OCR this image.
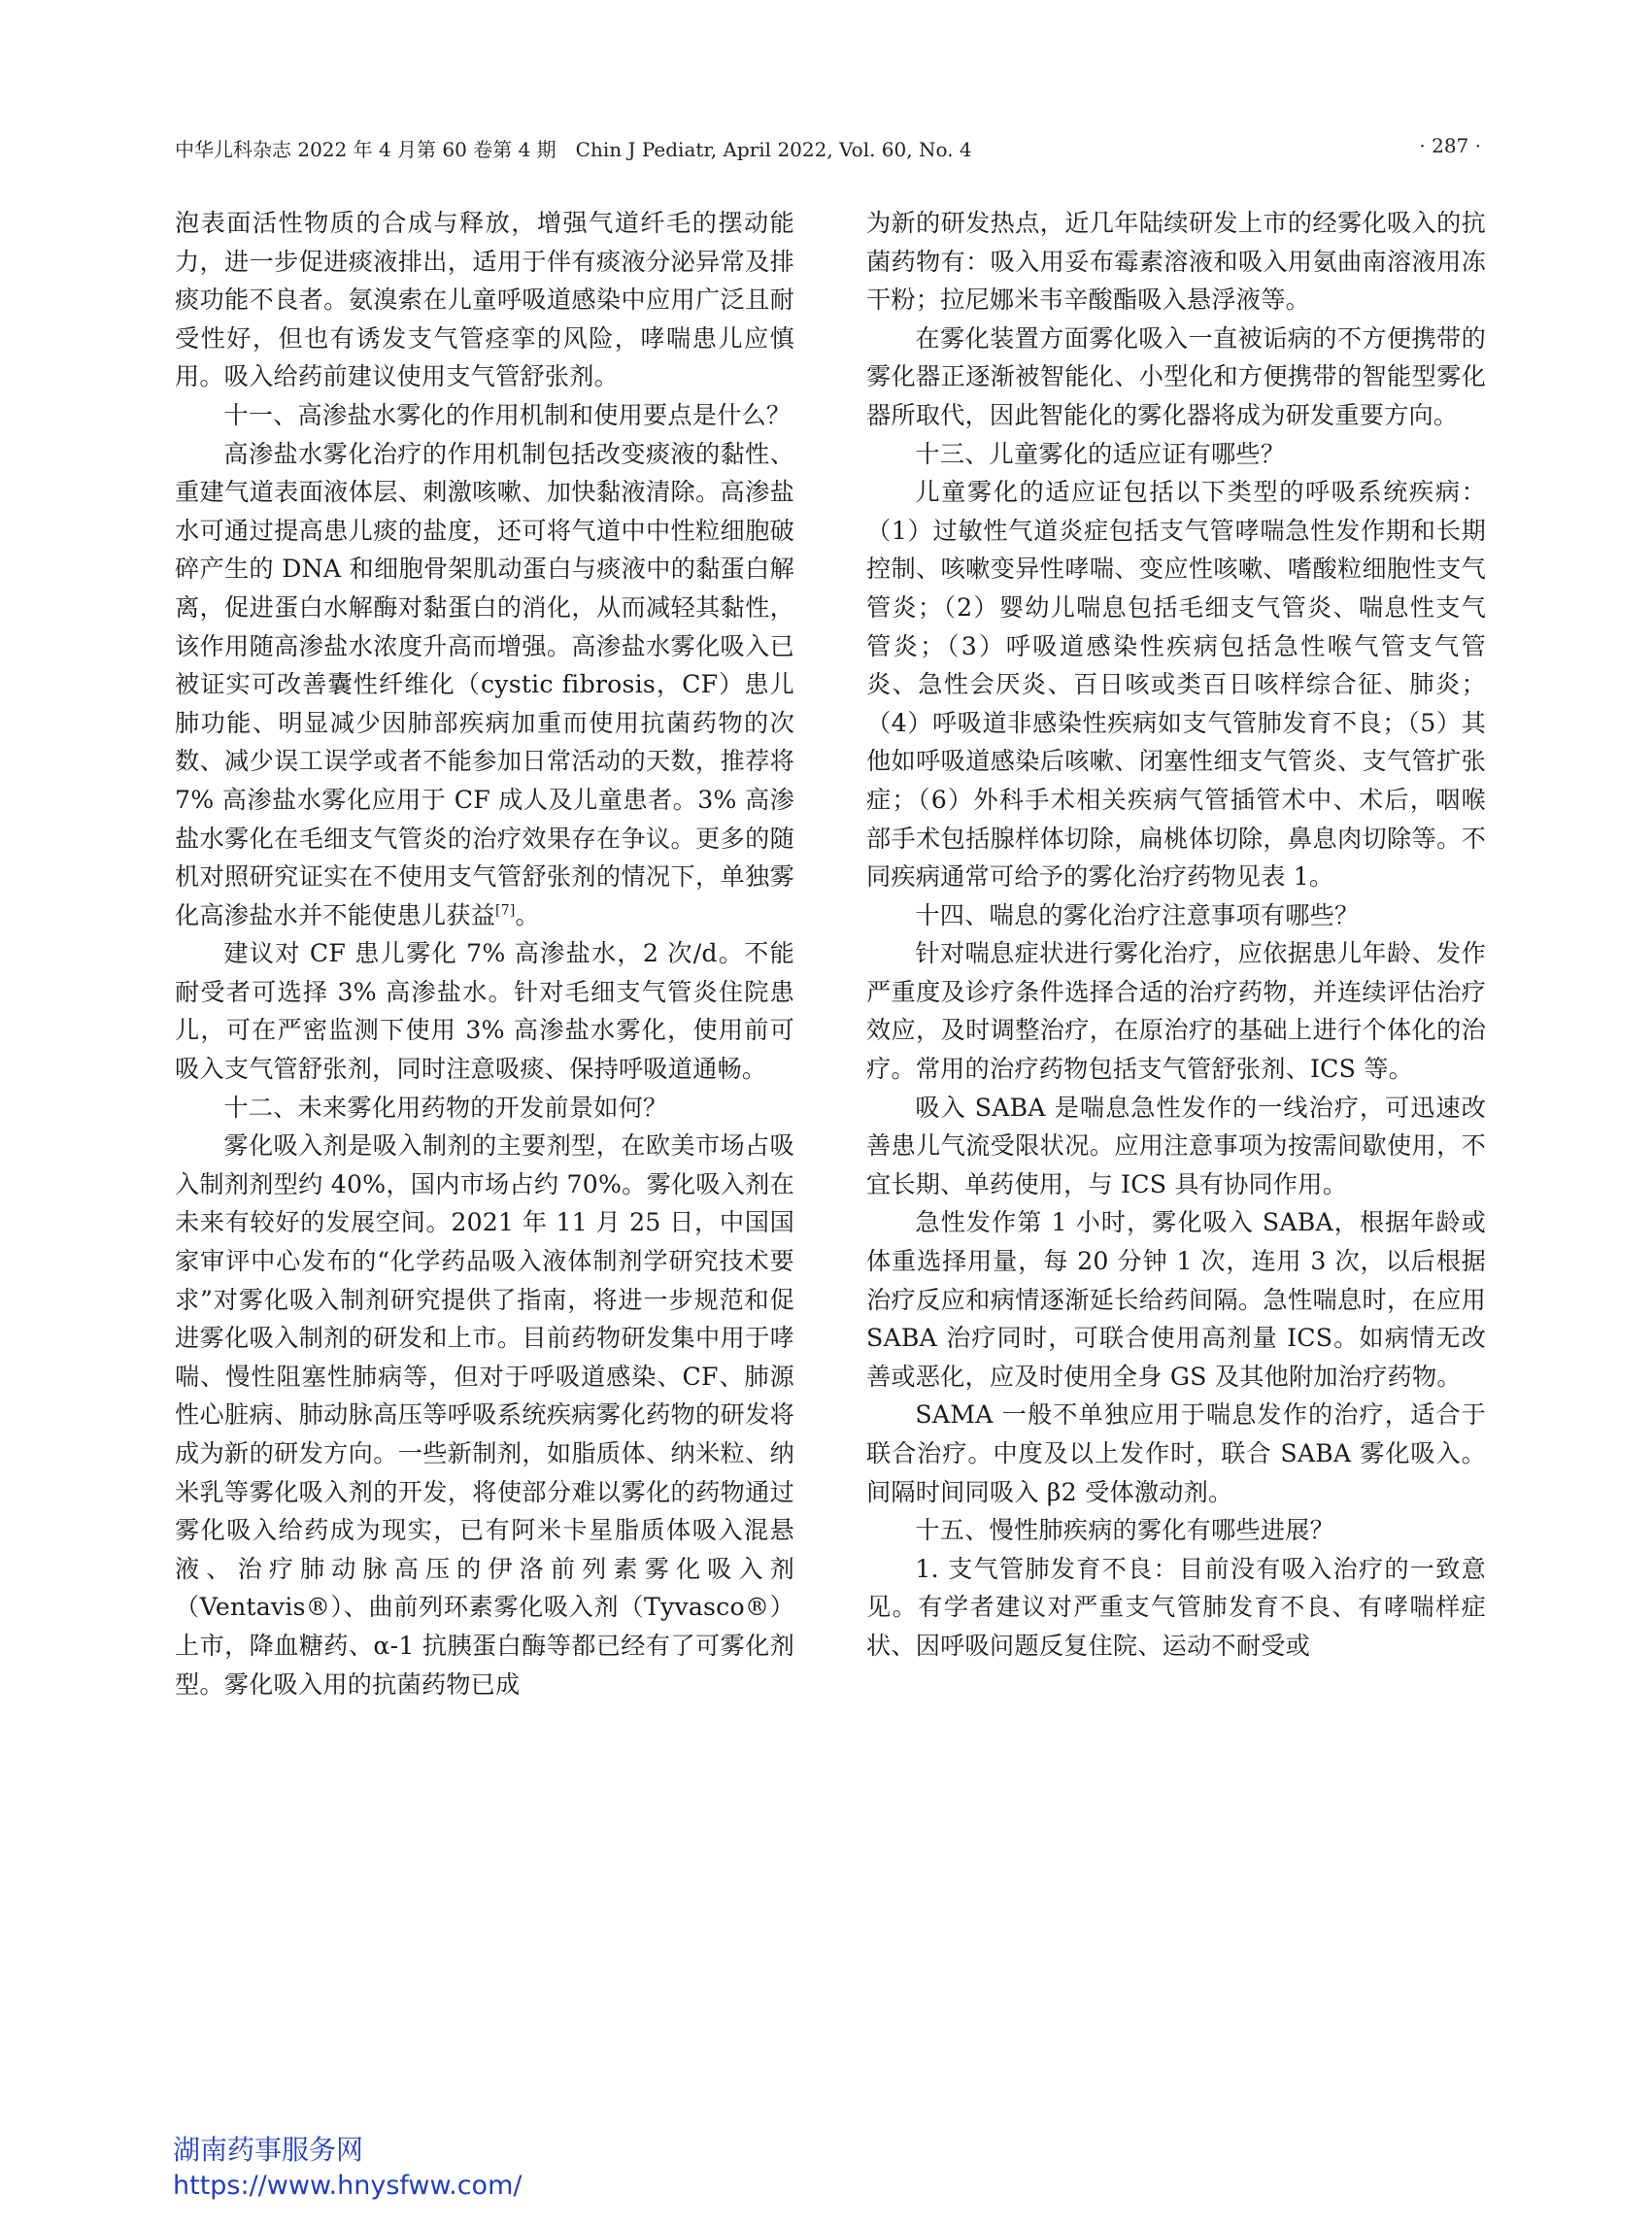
中华儿科杂志 2022 年 4 月第 60 卷第 4 期　Chin J Pediatr, April 2022, Vol. 60, No. 4	· 287 ·

泡表面活性物质的合成与释放，增强气道纤毛的摆动能力，进一步促进痰液排出，适用于伴有痰液分泌异常及排痰功能不良者。氨溴索在儿童呼吸道感染中应用广泛且耐受性好，但也有诱发支气管痉挛的风险，哮喘患儿应慎用。吸入给药前建议使用支气管舒张剂。

十一、高渗盐水雾化的作用机制和使用要点是什么？

高渗盐水雾化治疗的作用机制包括改变痰液的黏性、重建气道表面液体层、刺激咳嗽、加快黏液清除。高渗盐水可通过提高患儿痰的盐度，还可将气道中中性粒细胞破碎产生的 DNA 和细胞骨架肌动蛋白与痰液中的黏蛋白解离，促进蛋白水解酶对黏蛋白的消化，从而减轻其黏性，该作用随高渗盐水浓度升高而增强。高渗盐水雾化吸入已被证实可改善囊性纤维化（cystic fibrosis，CF）患儿肺功能、明显减少因肺部疾病加重而使用抗菌药物的次数、减少误工误学或者不能参加日常活动的天数，推荐将 7% 高渗盐水雾化应用于 CF 成人及儿童患者。3% 高渗盐水雾化在毛细支气管炎的治疗效果存在争议。更多的随机对照研究证实在不使用支气管舒张剂的情况下，单独雾化高渗盐水并不能使患儿获益[7]。

建议对 CF 患儿雾化 7% 高渗盐水，2 次/d。不能耐受者可选择 3% 高渗盐水。针对毛细支气管炎住院患儿，可在严密监测下使用 3% 高渗盐水雾化，使用前可吸入支气管舒张剂，同时注意吸痰、保持呼吸道通畅。

十二、未来雾化用药物的开发前景如何？

雾化吸入剂是吸入制剂的主要剂型，在欧美市场占吸入制剂剂型约 40%，国内市场占约 70%。雾化吸入剂在未来有较好的发展空间。2021 年 11 月 25 日，中国国家审评中心发布的“化学药品吸入液体制剂学研究技术要求”对雾化吸入制剂研究提供了指南，将进一步规范和促进雾化吸入制剂的研发和上市。目前药物研发集中用于哮喘、慢性阻塞性肺病等，但对于呼吸道感染、CF、肺源性心脏病、肺动脉高压等呼吸系统疾病雾化药物的研发将成为新的研发方向。一些新制剂，如脂质体、纳米粒、纳米乳等雾化吸入剂的开发，将使部分难以雾化的药物通过雾化吸入给药成为现实，已有阿米卡星脂质体吸入混悬液、治疗肺动脉高压的伊洛前列素雾化吸入剂（Ventavis®）、曲前列环素雾化吸入剂（Tyvasco®）上市，降血糖药、α-1 抗胰蛋白酶等都已经有了可雾化剂型。雾化吸入用的抗菌药物已成

为新的研发热点，近几年陆续研发上市的经雾化吸入的抗菌药物有：吸入用妥布霉素溶液和吸入用氨曲南溶液用冻干粉；拉尼娜米韦辛酸酯吸入悬浮液等。

在雾化装置方面雾化吸入一直被诟病的不方便携带的雾化器正逐渐被智能化、小型化和方便携带的智能型雾化器所取代，因此智能化的雾化器将成为研发重要方向。

十三、儿童雾化的适应证有哪些？

儿童雾化的适应证包括以下类型的呼吸系统疾病：（1）过敏性气道炎症包括支气管哮喘急性发作期和长期控制、咳嗽变异性哮喘、变应性咳嗽、嗜酸粒细胞性支气管炎；（2）婴幼儿喘息包括毛细支气管炎、喘息性支气管炎；（3）呼吸道感染性疾病包括急性喉气管支气管炎、急性会厌炎、百日咳或类百日咳样综合征、肺炎；（4）呼吸道非感染性疾病如支气管肺发育不良；（5）其他如呼吸道感染后咳嗽、闭塞性细支气管炎、支气管扩张症；（6）外科手术相关疾病气管插管术中、术后，咽喉部手术包括腺样体切除，扁桃体切除，鼻息肉切除等。不同疾病通常可给予的雾化治疗药物见表 1。

十四、喘息的雾化治疗注意事项有哪些？

针对喘息症状进行雾化治疗，应依据患儿年龄、发作严重度及诊疗条件选择合适的治疗药物，并连续评估治疗效应，及时调整治疗，在原治疗的基础上进行个体化的治疗。常用的治疗药物包括支气管舒张剂、ICS 等。

吸入 SABA 是喘息急性发作的一线治疗，可迅速改善患儿气流受限状况。应用注意事项为按需间歇使用，不宜长期、单药使用，与 ICS 具有协同作用。

急性发作第 1 小时，雾化吸入 SABA，根据年龄或体重选择用量，每 20 分钟 1 次，连用 3 次，以后根据治疗反应和病情逐渐延长给药间隔。急性喘息时，在应用 SABA 治疗同时，可联合使用高剂量 ICS。如病情无改善或恶化，应及时使用全身 GS 及其他附加治疗药物。

SAMA 一般不单独应用于喘息发作的治疗，适合于联合治疗。中度及以上发作时，联合 SABA 雾化吸入。间隔时间同吸入 β2 受体激动剂。

十五、慢性肺疾病的雾化有哪些进展？

1. 支气管肺发育不良：目前没有吸入治疗的一致意见。有学者建议对严重支气管肺发育不良、有哮喘样症状、因呼吸问题反复住院、运动不耐受或

湖南药事服务网
https://www.hnysfww.com/
